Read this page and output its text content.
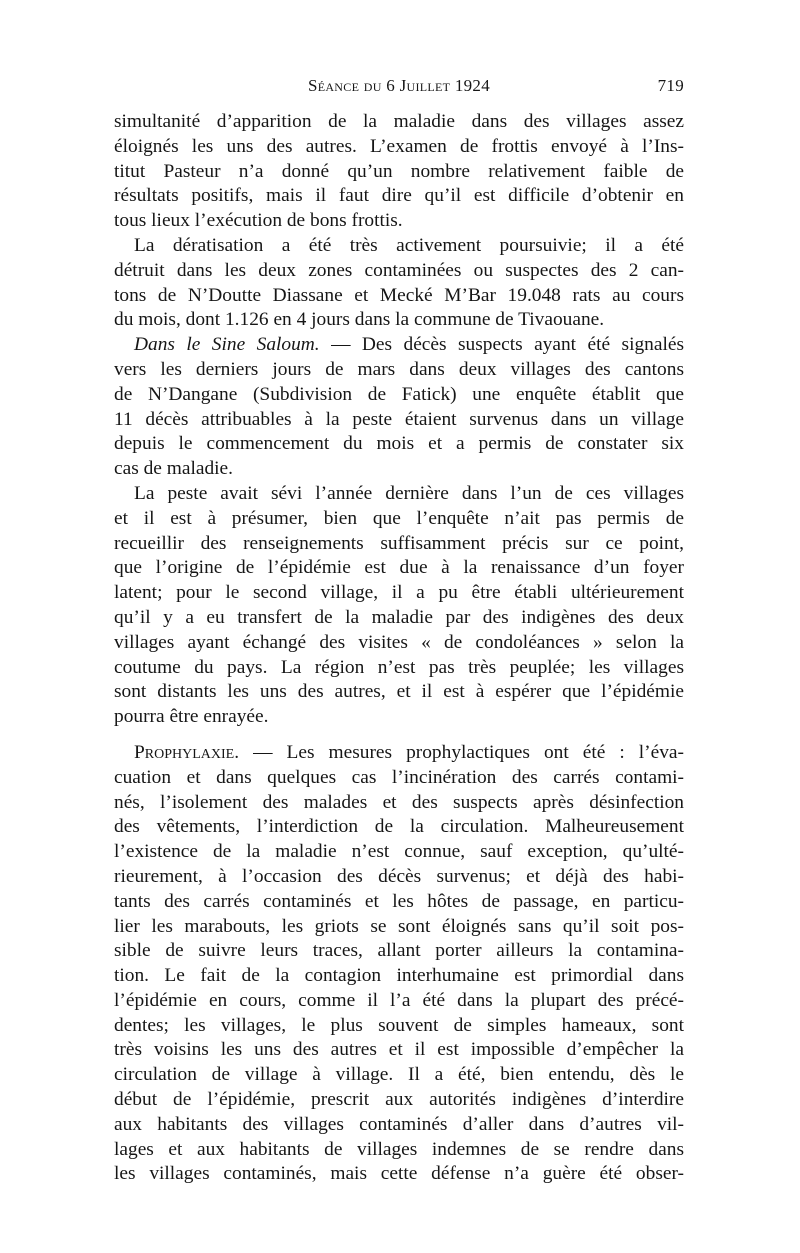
Séance du 6 Juillet 1924	719
simultanité d’apparition de la maladie dans des villages assez
éloignés les uns des autres. L’examen de frottis envoyé à l’Ins-
titut Pasteur n’a donné qu’un nombre relativement faible de
résultats positifs, mais il faut dire qu’il est difficile d’obtenir en
tous lieux l’exécution de bons frottis.
La dératisation a été très activement poursuivie; il a été
détruit dans les deux zones contaminées ou suspectes des 2 can-
tons de N’Doutte Diassane et Mecké M’Bar 19.048 rats au cours
du mois, dont 1.126 en 4 jours dans la commune de Tivaouane.
Dans le Sine Saloum. — Des décès suspects ayant été signalés
vers les derniers jours de mars dans deux villages des cantons
de N’Dangane (Subdivision de Fatick) une enquête établit que
11 décès attribuables à la peste étaient survenus dans un village
depuis le commencement du mois et a permis de constater six
cas de maladie.
La peste avait sévi l’année dernière dans l’un de ces villages
et il est à présumer, bien que l’enquête n’ait pas permis de
recueillir des renseignements suffisamment précis sur ce point,
que l’origine de l’épidémie est due à la renaissance d’un foyer
latent; pour le second village, il a pu être établi ultérieurement
qu’il y a eu transfert de la maladie par des indigènes des deux
villages ayant échangé des visites « de condoléances » selon la
coutume du pays. La région n’est pas très peuplée; les villages
sont distants les uns des autres, et il est à espérer que l’épidémie
pourra être enrayée.
Prophylaxie. — Les mesures prophylactiques ont été : l’éva-
cuation et dans quelques cas l’incinération des carrés contami-
nés, l’isolement des malades et des suspects après désinfection
des vêtements, l’interdiction de la circulation. Malheureusement
l’existence de la maladie n’est connue, sauf exception, qu’ulté-
rieurement, à l’occasion des décès survenus; et déjà des habi-
tants des carrés contaminés et les hôtes de passage, en particu-
lier les marabouts, les griots se sont éloignés sans qu’il soit pos-
sible de suivre leurs traces, allant porter ailleurs la contamina-
tion. Le fait de la contagion interhumaine est primordial dans
l’épidémie en cours, comme il l’a été dans la plupart des précé-
dentes; les villages, le plus souvent de simples hameaux, sont
très voisins les uns des autres et il est impossible d’empêcher la
circulation de village à village. Il a été, bien entendu, dès le
début de l’épidémie, prescrit aux autorités indigènes d’interdire
aux habitants des villages contaminés d’aller dans d’autres vil-
lages et aux habitants de villages indemnes de se rendre dans
les villages contaminés, mais cette défense n’a guère été obser-
